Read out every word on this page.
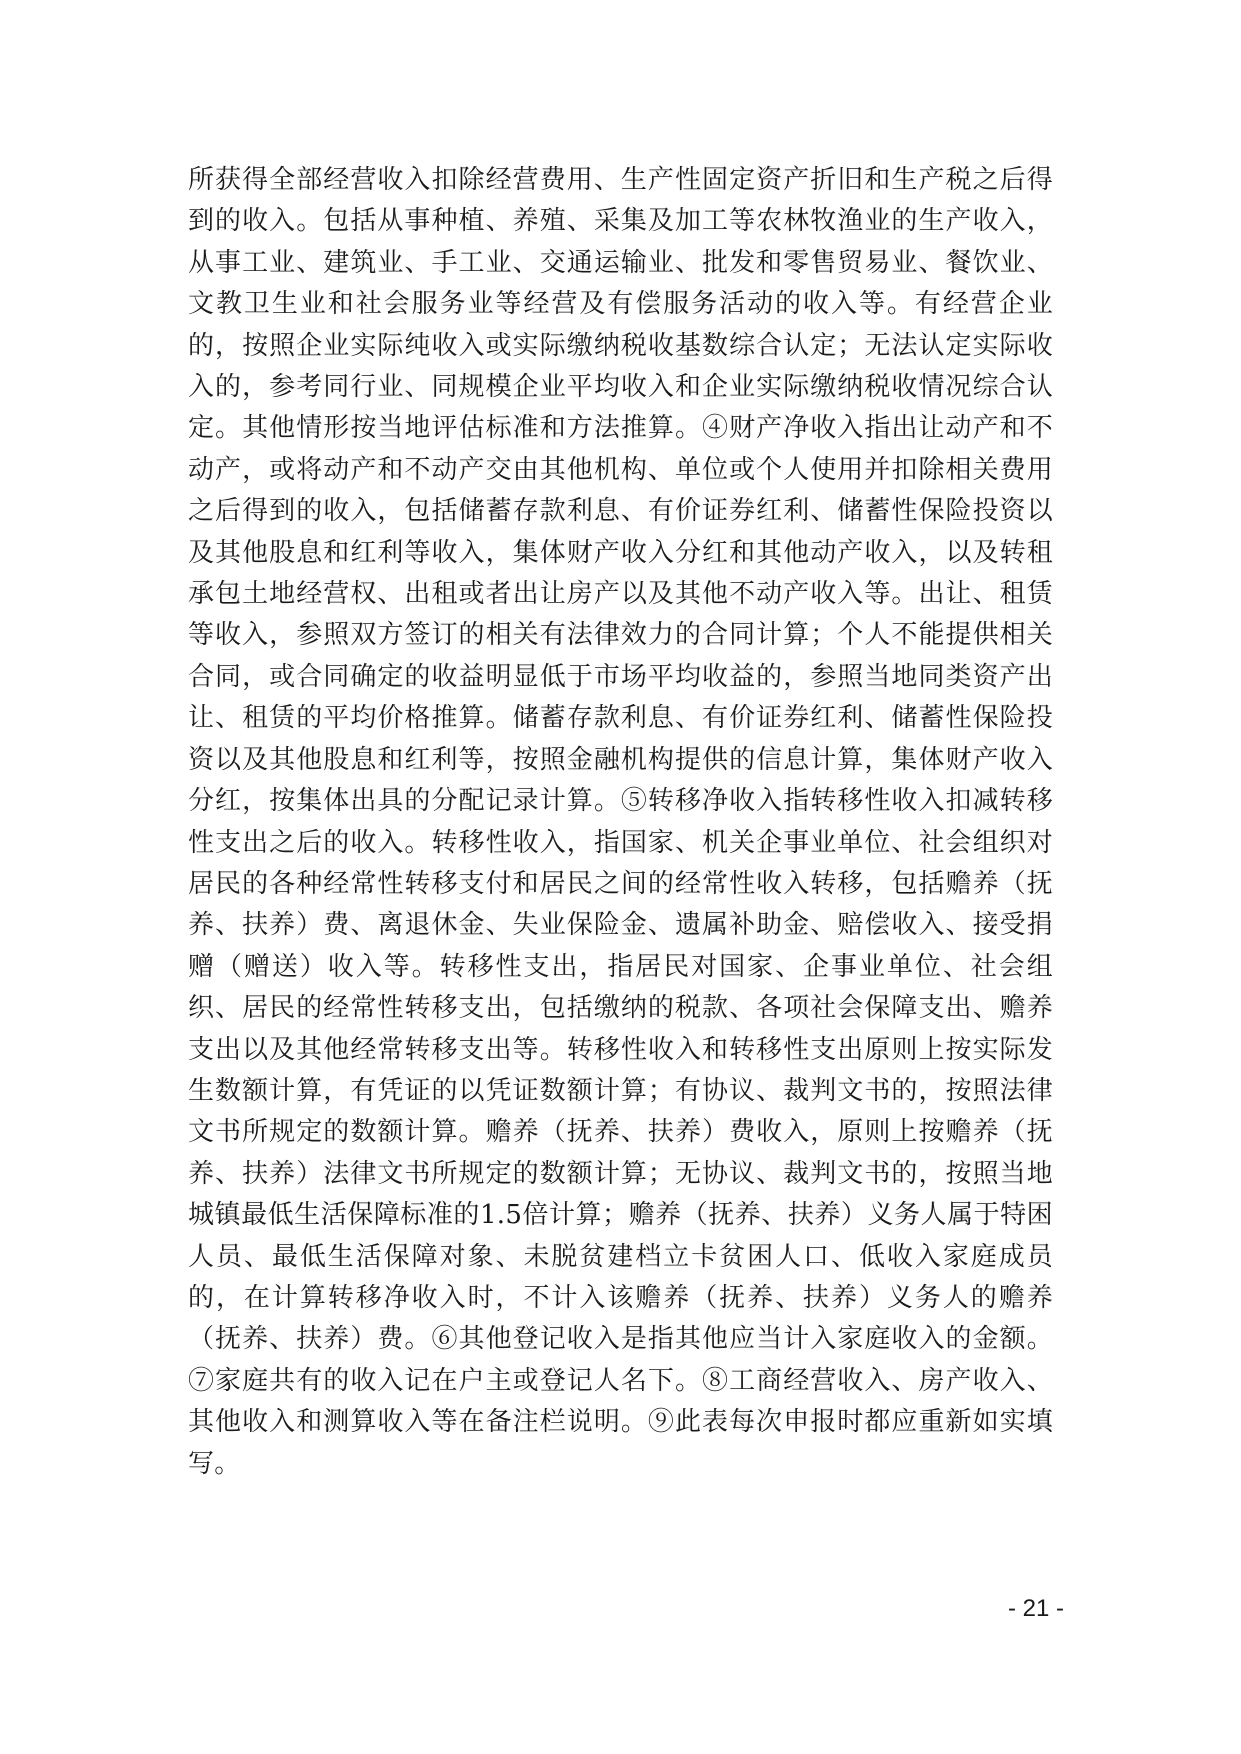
所获得全部经营收入扣除经营费用、生产性固定资产折旧和生产税之后得到的收入。包括从事种植、养殖、采集及加工等农林牧渔业的生产收入，从事工业、建筑业、手工业、交通运输业、批发和零售贸易业、餐饮业、文教卫生业和社会服务业等经营及有偿服务活动的收入等。有经营企业的，按照企业实际纯收入或实际缴纳税收基数综合认定；无法认定实际收入的，参考同行业、同规模企业平均收入和企业实际缴纳税收情况综合认定。其他情形按当地评估标准和方法推算。④财产净收入指出让动产和不动产，或将动产和不动产交由其他机构、单位或个人使用并扣除相关费用之后得到的收入，包括储蓄存款利息、有价证券红利、储蓄性保险投资以及其他股息和红利等收入，集体财产收入分红和其他动产收入，以及转租承包土地经营权、出租或者出让房产以及其他不动产收入等。出让、租赁等收入，参照双方签订的相关有法律效力的合同计算；个人不能提供相关合同，或合同确定的收益明显低于市场平均收益的，参照当地同类资产出让、租赁的平均价格推算。储蓄存款利息、有价证券红利、储蓄性保险投资以及其他股息和红利等，按照金融机构提供的信息计算，集体财产收入分红，按集体出具的分配记录计算。⑤转移净收入指转移性收入扣减转移性支出之后的收入。转移性收入，指国家、机关企事业单位、社会组织对居民的各种经常性转移支付和居民之间的经常性收入转移，包括赡养（抚养、扶养）费、离退休金、失业保险金、遗属补助金、赔偿收入、接受捐赠（赠送）收入等。转移性支出，指居民对国家、企事业单位、社会组织、居民的经常性转移支出，包括缴纳的税款、各项社会保障支出、赡养支出以及其他经常转移支出等。转移性收入和转移性支出原则上按实际发生数额计算，有凭证的以凭证数额计算；有协议、裁判文书的，按照法律文书所规定的数额计算。赡养（抚养、扶养）费收入，原则上按赡养（抚养、扶养）法律文书所规定的数额计算；无协议、裁判文书的，按照当地城镇最低生活保障标准的1.5倍计算；赡养（抚养、扶养）义务人属于特困人员、最低生活保障对象、未脱贫建档立卡贫困人口、低收入家庭成员的，在计算转移净收入时，不计入该赡养（抚养、扶养）义务人的赡养（抚养、扶养）费。⑥其他登记收入是指其他应当计入家庭收入的金额。⑦家庭共有的收入记在户主或登记人名下。⑧工商经营收入、房产收入、其他收入和测算收入等在备注栏说明。⑨此表每次申报时都应重新如实填写。

- 21 -
